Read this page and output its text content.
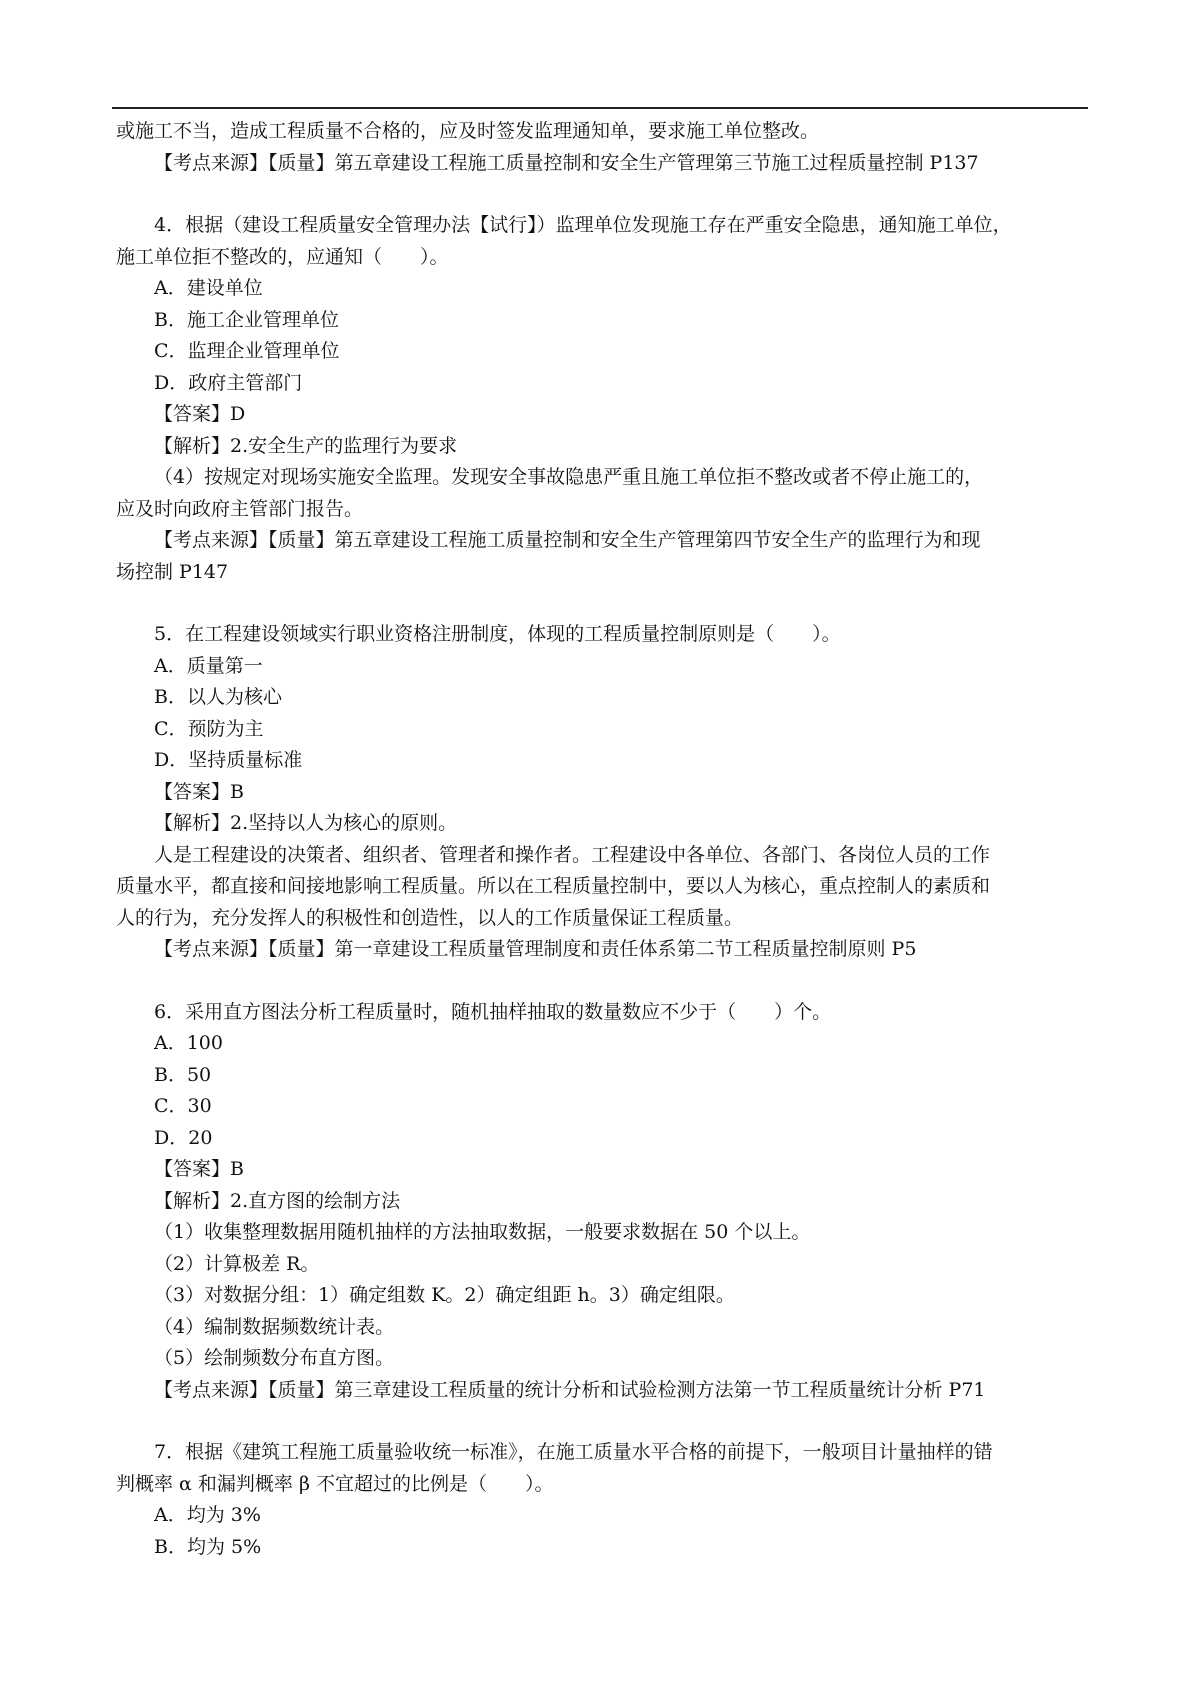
或施工不当，造成工程质量不合格的，应及时签发监理通知单，要求施工单位整改。
【考点来源】【质量】第五章建设工程施工质量控制和安全生产管理第三节施工过程质量控制 P137
4．根据（建设工程质量安全管理办法【试行】）监理单位发现施工存在严重安全隐患，通知施工单位，
施工单位拒不整改的，应通知（　　）。
A．建设单位
B．施工企业管理单位
C．监理企业管理单位
D．政府主管部门
【答案】D
【解析】2.安全生产的监理行为要求
（4）按规定对现场实施安全监理。发现安全事故隐患严重且施工单位拒不整改或者不停止施工的，
应及时向政府主管部门报告。
【考点来源】【质量】第五章建设工程施工质量控制和安全生产管理第四节安全生产的监理行为和现
场控制 P147
5．在工程建设领域实行职业资格注册制度，体现的工程质量控制原则是（　　）。
A．质量第一
B．以人为核心
C．预防为主
D．坚持质量标准
【答案】B
【解析】2.坚持以人为核心的原则。
人是工程建设的决策者、组织者、管理者和操作者。工程建设中各单位、各部门、各岗位人员的工作
质量水平，都直接和间接地影响工程质量。所以在工程质量控制中，要以人为核心，重点控制人的素质和
人的行为，充分发挥人的积极性和创造性，以人的工作质量保证工程质量。
【考点来源】【质量】第一章建设工程质量管理制度和责任体系第二节工程质量控制原则 P5
6．采用直方图法分析工程质量时，随机抽样抽取的数量数应不少于（　　）个。
A．100
B．50
C．30
D．20
【答案】B
【解析】2.直方图的绘制方法
（1）收集整理数据用随机抽样的方法抽取数据，一般要求数据在 50 个以上。
（2）计算极差 R。
（3）对数据分组：1）确定组数 K。2）确定组距 h。3）确定组限。
（4）编制数据频数统计表。
（5）绘制频数分布直方图。
【考点来源】【质量】第三章建设工程质量的统计分析和试验检测方法第一节工程质量统计分析 P71
7．根据《建筑工程施工质量验收统一标准》，在施工质量水平合格的前提下，一般项目计量抽样的错
判概率 α 和漏判概率 β 不宜超过的比例是（　　）。
A．均为 3%
B．均为 5%
